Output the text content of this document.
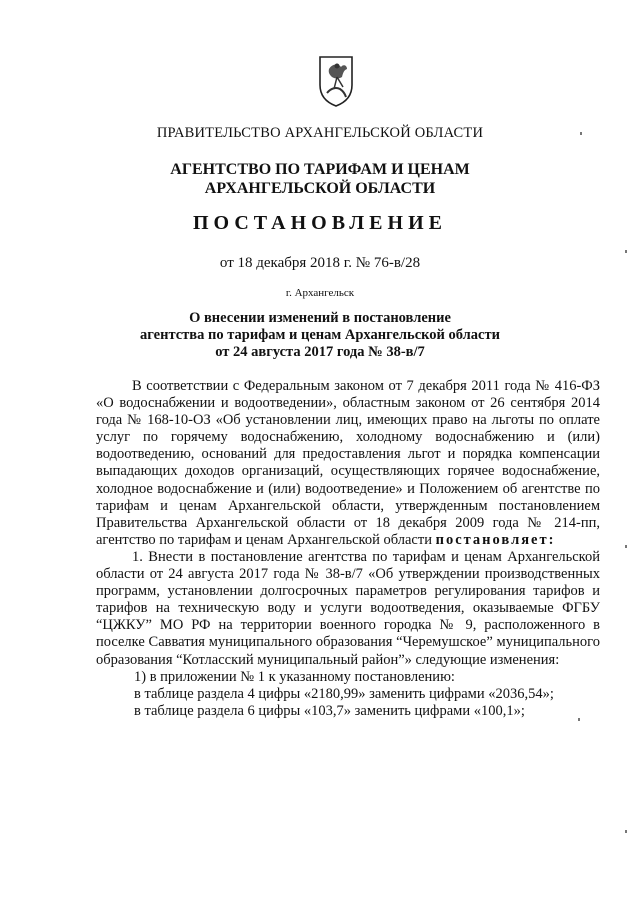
ПРАВИТЕЛЬСТВО АРХАНГЕЛЬСКОЙ ОБЛАСТИ
АГЕНТСТВО ПО ТАРИФАМ И ЦЕНАМ
АРХАНГЕЛЬСКОЙ ОБЛАСТИ
ПОСТАНОВЛЕНИЕ
от 18 декабря 2018 г. № 76-в/28
г. Архангельск
О внесении изменений в постановление
агентства по тарифам и ценам Архангельской области
от 24 августа 2017 года № 38-в/7

В соответствии с Федеральным законом от 7 декабря 2011 года № 416-ФЗ «О водоснабжении и водоотведении», областным законом от 26 сентября 2014 года № 168-10-ОЗ «Об установлении лиц, имеющих право на льготы по оплате услуг по горячему водоснабжению, холодному водоснабжению и (или) водоотведению, оснований для предоставления льгот и порядка компенсации выпадающих доходов организаций, осуществляющих горячее водоснабжение, холодное водоснабжение и (или) водоотведение» и Положением об агентстве по тарифам и ценам Архангельской области, утвержденным постановлением Правительства Архангельской области от 18 декабря 2009 года № 214-пп, агентство по тарифам и ценам Архангельской области постановляет:

1. Внести в постановление агентства по тарифам и ценам Архангельской области от 24 августа 2017 года № 38-в/7 «Об утверждении производственных программ, установлении долгосрочных параметров регулирования тарифов и тарифов на техническую воду и услуги водоотведения, оказываемые ФГБУ “ЦЖКУ” МО РФ на территории военного городка № 9, расположенного в поселке Савватия муниципального образования “Черемушское” муниципального образования “Котласский муниципальный район”» следующие изменения:

1) в приложении № 1 к указанному постановлению:

в таблице раздела 4 цифры «2180,99» заменить цифрами «2036,54»;

в таблице раздела 6 цифры «103,7» заменить цифрами «100,1»;
